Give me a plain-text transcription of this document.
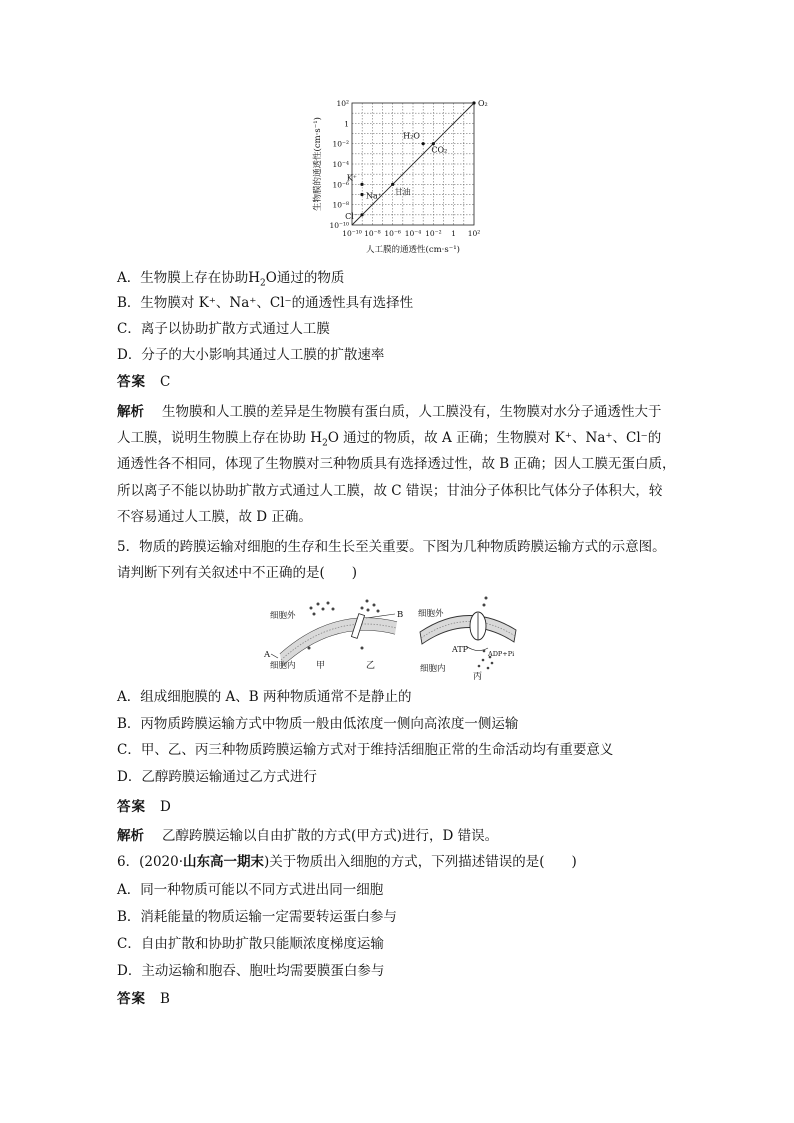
10²
1
10⁻²
10⁻⁴
10⁻⁶
10⁻⁸
10⁻¹⁰
10⁻¹⁰ 10⁻⁸ 10⁻⁶ 10⁻⁴ 10⁻² 1 10²
O₂
H₂O
CO₂
甘油
K⁺
Na⁺
Cl⁻
生物膜的通透性(cm·s⁻¹)
人工膜的通透性(cm·s⁻¹)
A．生物膜上存在协助$H_2O$通过的物质
B．生物膜对 K⁺、Na⁺、Cl⁻的通透性具有选择性
C．离子以协助扩散方式通过人工膜
D．分子的大小影响其通过人工膜的扩散速率
答案 C
解析 生物膜和人工膜的差异是生物膜有蛋白质，人工膜没有，生物膜对水分子通透性大于
人工膜，说明生物膜上存在协助 $H_2O$ 通过的物质，故 A 正确；生物膜对 K⁺、Na⁺、Cl⁻的
通透性各不相同，体现了生物膜对三种物质具有选择透过性，故 B 正确；因人工膜无蛋白质，
所以离子不能以协助扩散方式通过人工膜，故 C 错误；甘油分子体积比气体分子体积大，较
不容易通过人工膜，故 D 正确。
5．物质的跨膜运输对细胞的生存和生长至关重要。下图为几种物质跨膜运输方式的示意图。
请判断下列有关叙述中不正确的是(　　)
细胞外	B
A
细胞内 甲	乙
细胞外
细胞内
ATP	ADP+Pi
丙
A．组成细胞膜的 A、B 两种物质通常不是静止的
B．丙物质跨膜运输方式中物质一般由低浓度一侧向高浓度一侧运输
C．甲、乙、丙三种物质跨膜运输方式对于维持活细胞正常的生命活动均有重要意义
D．乙醇跨膜运输通过乙方式进行
答案 D
解析 乙醇跨膜运输以自由扩散的方式(甲方式)进行，D 错误。
6．(2020·山东高一期末)关于物质出入细胞的方式，下列描述错误的是(　　)
A．同一种物质可能以不同方式进出同一细胞
B．消耗能量的物质运输一定需要转运蛋白参与
C．自由扩散和协助扩散只能顺浓度梯度运输
D．主动运输和胞吞、胞吐均需要膜蛋白参与
答案 B
